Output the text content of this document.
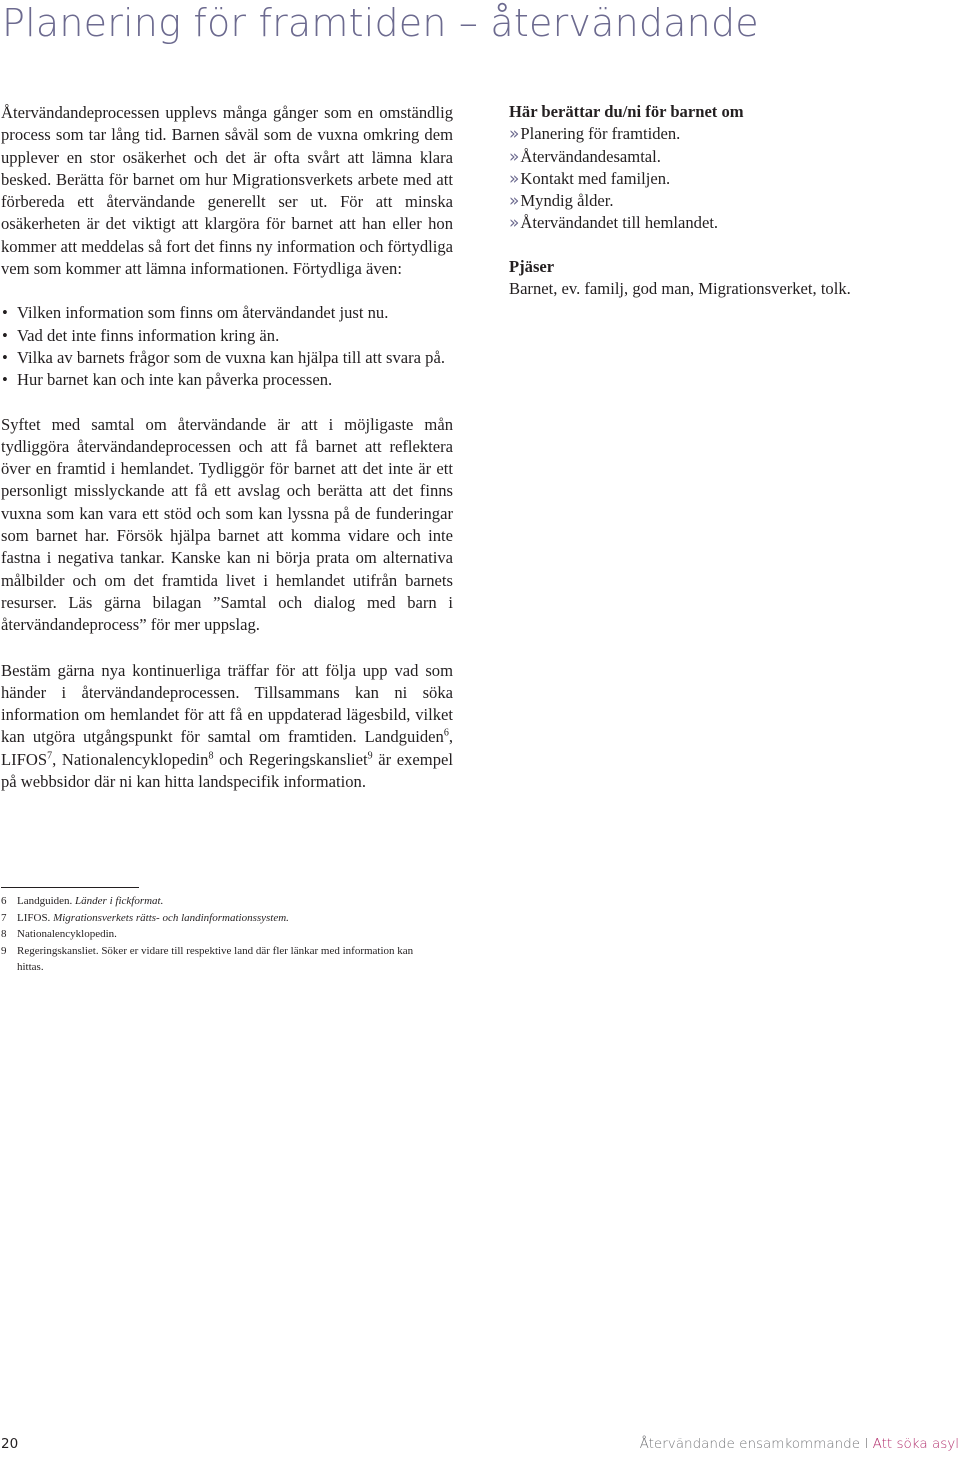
Planering för framtiden – återvändande

Återvändandeprocessen upplevs många gånger som en omständlig process som tar lång tid. Barnen såväl som de vuxna omkring dem upplever en stor osäkerhet och det är ofta svårt att lämna klara besked. Berätta för barnet om hur Migrationsverkets arbete med att förbereda ett återvändande generellt ser ut. För att minska osäkerheten är det viktigt att klargöra för barnet att han eller hon kommer att meddelas så fort det finns ny information och förtydliga vem som kommer att lämna informationen. Förtydliga även:

• Vilken information som finns om återvändandet just nu.
• Vad det inte finns information kring än.
• Vilka av barnets frågor som de vuxna kan hjälpa till att svara på.
• Hur barnet kan och inte kan påverka processen.

Syftet med samtal om återvändande är att i möjligaste mån tydliggöra återvändandeprocessen och att få barnet att reflektera över en framtid i hemlandet. Tydliggör för barnet att det inte är ett personligt misslyckande att få ett avslag och berätta att det finns vuxna som kan vara ett stöd och som kan lyssna på de funderingar som barnet har. Försök hjälpa barnet att komma vidare och inte fastna i negativa tankar. Kanske kan ni börja prata om alternativa målbilder och om det framtida livet i hemlandet utifrån barnets resurser. Läs gärna bilagan ”Samtal och dialog med barn i återvändandeprocess” för mer uppslag.

Bestäm gärna nya kontinuerliga träffar för att följa upp vad som händer i återvändandeprocessen. Tillsammans kan ni söka information om hemlandet för att få en uppdaterad lägesbild, vilket kan utgöra utgångspunkt för samtal om framtiden. Landguiden$^6$, LIFOS$^7$, Nationalencyklopedin$^8$ och Regeringskansliet$^9$ är exempel på webbsidor där ni kan hitta landspecifik information.

6 Landguiden. Länder i fickformat.
7 LIFOS. Migrationsverkets rätts- och landinformationssystem.
8 Nationalencyklopedin.
9 Regeringskansliet. Söker er vidare till respektive land där fler länkar med information kan hittas.
Här berättar du/ni för barnet om
»Planering för framtiden.
»Återvändandesamtal.
»Kontakt med familjen.
»Myndig ålder.
»Återvändandet till hemlandet.
Pjäser
Barnet, ev. familj, god man, Migrationsverket, tolk.
20	Återvändande ensamkommande I Att söka asyl
